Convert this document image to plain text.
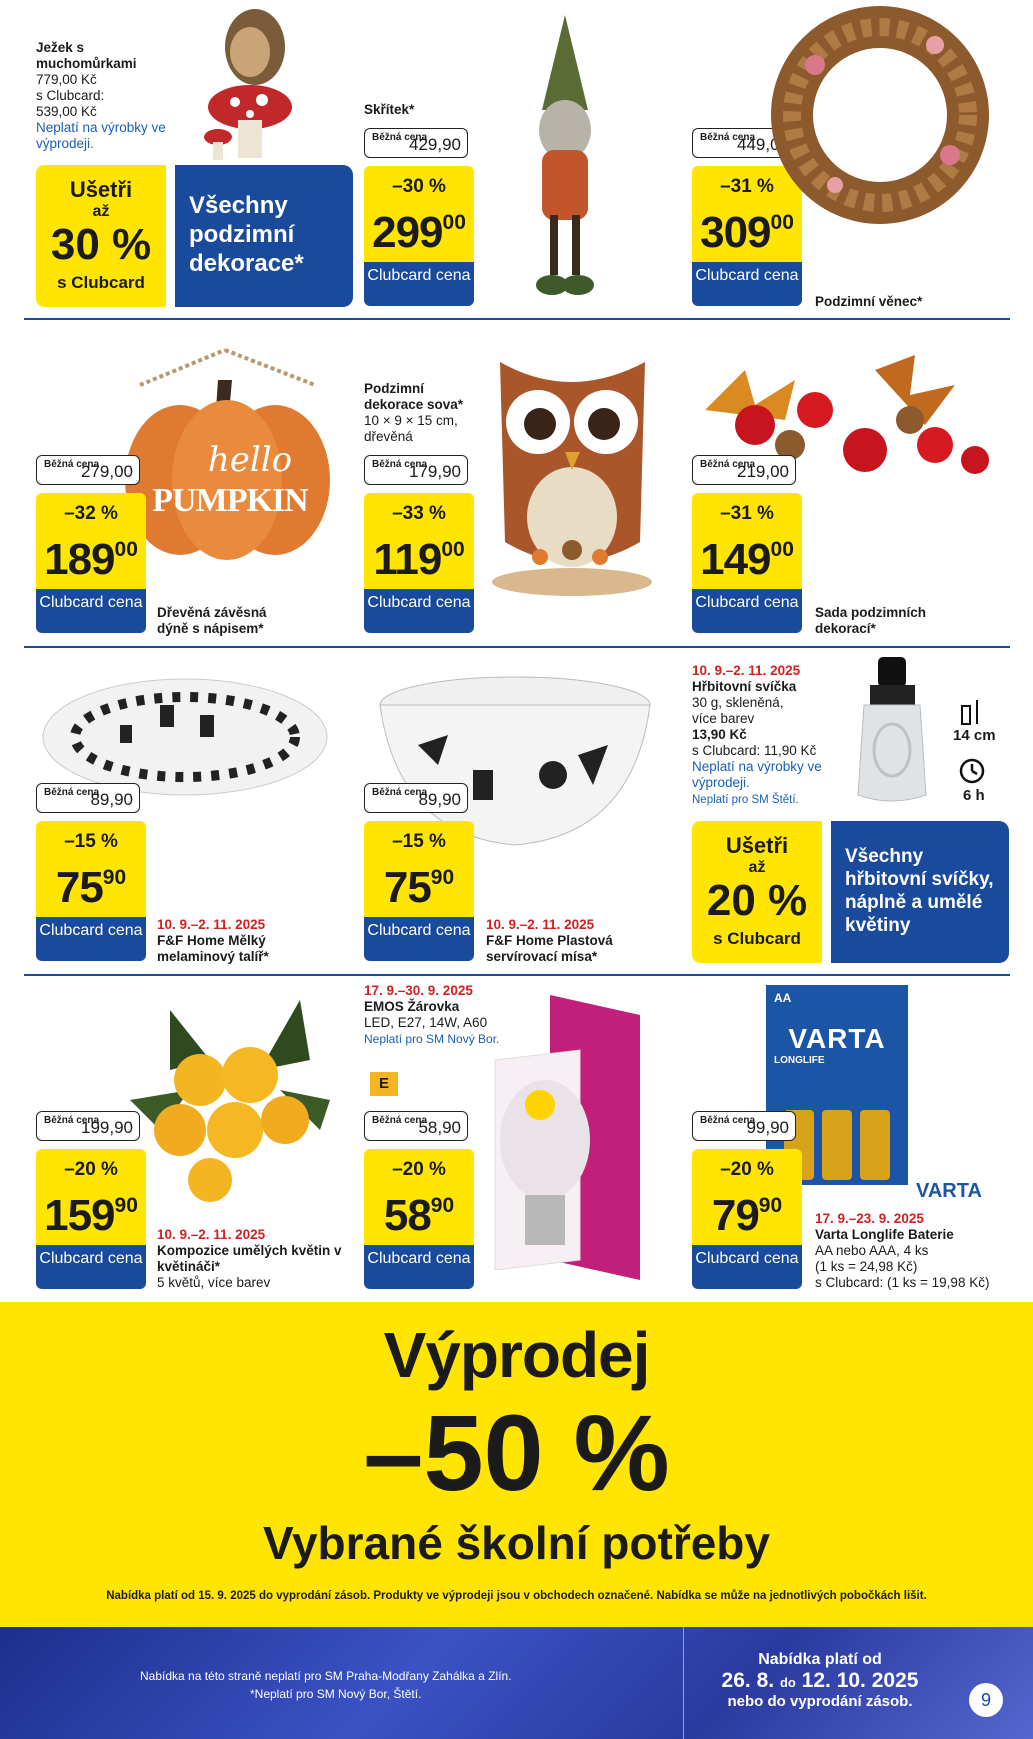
Ježek s muchomůrkami
779,00 Kč
s Clubcard:
539,00 Kč
Neplatí na výrobky ve výprodeji.
Ušetři
až
30 %
s Clubcard
Všechny podzimní dekorace*
Skřítek*
Běžná cena
429,90
–30 %
$299^{00}$
Clubcard cena
Běžná cena
449,00
–31 %
$309^{00}$
Clubcard cena
Podzimní věnec*
hello
PUMPKIN
Běžná cena
279,00
–32 %
$189^{00}$
Clubcard cena
Dřevěná závěsná dýně s nápisem*
Podzimní dekorace sova*
10 × 9 × 15 cm,
dřevěná
Běžná cena
179,90
–33 %
$119^{00}$
Clubcard cena
Běžná cena
219,00
–31 %
$149^{00}$
Clubcard cena
Sada podzimních dekorací*
Běžná cena
89,90
–15 %
$75^{90}$
Clubcard cena 10. 9.–2. 11. 2025
F&F Home Mělký melaminový talíř*
Běžná cena
89,90
–15 %
$75^{90}$
Clubcard cena 10. 9.–2. 11. 2025
F&F Home Plastová servírovací mísa*
10. 9.–2. 11. 2025
Hřbitovní svíčka
30 g, skleněná,
více barev
13,90 Kč
s Clubcard: 11,90 Kč
Neplatí na výrobky ve výprodeji.
Neplatí pro SM Štětí.
14 cm
6 h
Ušetři
až
20 %
s Clubcard
Všechny hřbitovní svíčky, náplně a umělé květiny
Běžná cena
199,90
–20 %
$159^{90}$
Clubcard cena
10. 9.–2. 11. 2025
Kompozice umělých květin v květináči*
5 květů, více barev
17. 9.–30. 9. 2025
EMOS Žárovka
LED, E27, 14W, A60
Neplatí pro SM Nový Bor.
E
Běžná cena
58,90
–20 %
$58^{90}$
Clubcard cena
AA
VARTA
LONGLIFE
VARTA
Běžná cena
99,90
–20 %
$79^{90}$
Clubcard cena
17. 9.–23. 9. 2025
Varta Longlife Baterie
AA nebo AAA, 4 ks
(1 ks = 24,98 Kč)
s Clubcard: (1 ks = 19,98 Kč)
Výprodej
–50 %
Vybrané školní potřeby
Nabídka platí od 15. 9. 2025 do vyprodání zásob. Produkty ve výprodeji jsou v obchodech označené. Nabídka se může na jednotlivých pobočkách lišit.
Nabídka na této straně neplatí pro SM Praha-Modřany Zahálka a Zlín.
*Neplatí pro SM Nový Bor, Štětí.
Nabídka platí od
26. 8. do 12. 10. 2025
nebo do vyprodání zásob.	9
